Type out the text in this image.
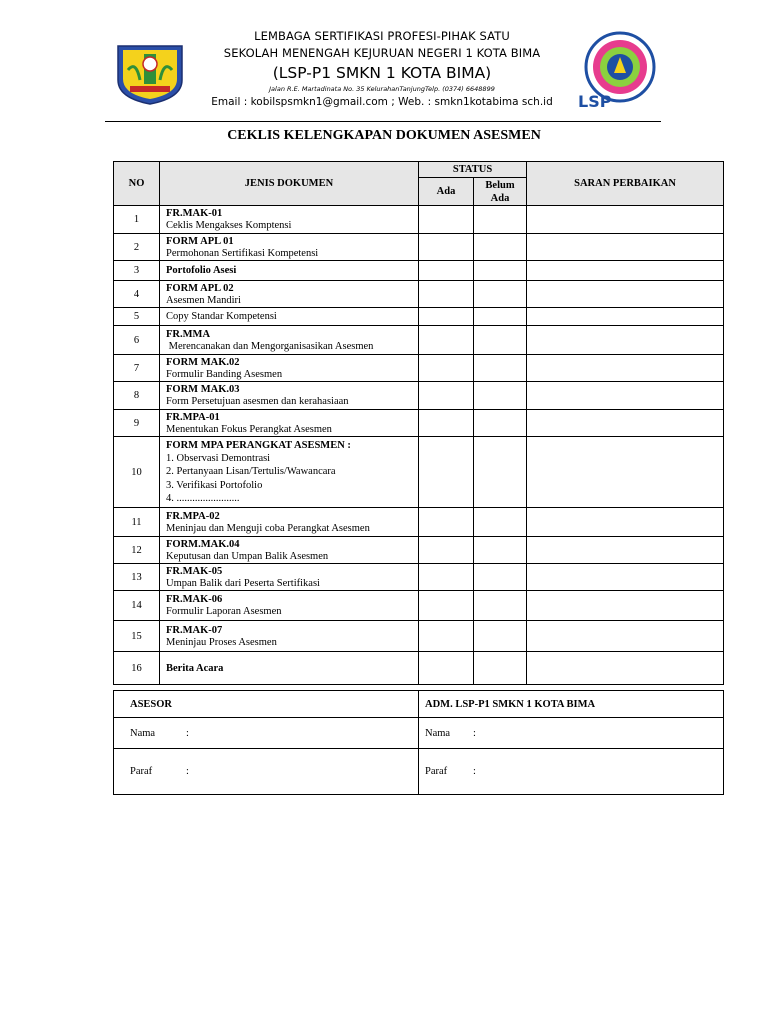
LEMBAGA SERTIFIKASI PROFESI-PIHAK SATU
SEKOLAH MENENGAH KEJURUAN NEGERI 1 KOTA BIMA
(LSP-P1 SMKN 1 KOTA BIMA)
Jalan R.E. Martadinata No. 35 KelurahanTanjungTelp. (0374) 6648899
Email : kobilspsmkn1@gmail.com ; Web. : smkn1kotabima sch.id	LSP
CEKLIS KELENGKAPAN DOKUMEN ASESMEN
NO	JENIS DOKUMEN	STATUS		SARAN PERBAIKAN
		Ada	Belum
Ada	
1	FR.MAK-01
Ceklis Mengakses Komptensi			

2	FORM APL 01
Permohonan Sertifikasi Kompetensi			

3	Portofolio Asesi			

4	FORM APL 02
Asesmen Mandiri			

5	Copy Standar Kompetensi			

6	FR.MMA
Merencanakan dan Mengorganisasikan Asesmen			

7	FORM MAK.02
Formulir Banding Asesmen			

8	FORM MAK.03
Form Persetujuan asesmen dan kerahasiaan			

9	FR.MPA-01
Menentukan Fokus Perangkat Asesmen			

10	FORM MPA PERANGKAT ASESMEN :
1. Observasi Demontrasi
2. Pertanyaan Lisan/Tertulis/Wawancara
3. Verifikasi Portofolio
4. ........................			

11	FR.MPA-02
Meninjau dan Menguji coba Perangkat Asesmen			

12	FORM.MAK.04
Keputusan dan Umpan Balik Asesmen			

13	FR.MAK-05
Umpan Balik dari Peserta Sertifikasi			

14	FR.MAK-06
Formulir Laporan Asesmen			

15	FR.MAK-07
Meninjau Proses Asesmen			

16	Berita Acara			

ASESOR	ADM. LSP-P1 SMKN 1 KOTA BIMA
Nama :	Nama :
Paraf :	Paraf :
